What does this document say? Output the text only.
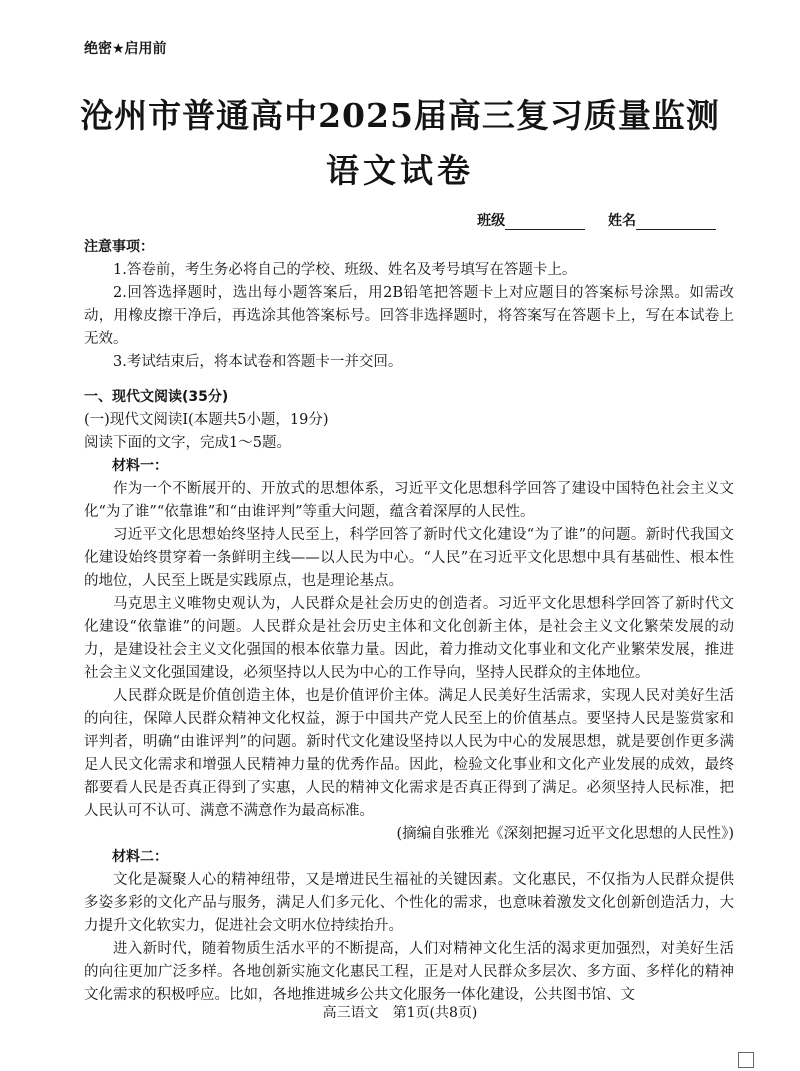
绝密★启用前
沧州市普通高中2025届高三复习质量监测
语文试卷
班级	姓名

注意事项：

1.答卷前，考生务必将自己的学校、班级、姓名及考号填写在答题卡上。

2.回答选择题时，选出每小题答案后，用2B铅笔把答题卡上对应题目的答案标号涂黑。如需改动，用橡皮擦干净后，再选涂其他答案标号。回答非选择题时，将答案写在答题卡上，写在本试卷上无效。

3.考试结束后，将本试卷和答题卡一并交回。

一、现代文阅读(35分)

(一)现代文阅读Ⅰ(本题共5小题，19分)

阅读下面的文字，完成1～5题。

材料一：

作为一个不断展开的、开放式的思想体系，习近平文化思想科学回答了建设中国特色社会主义文化“为了谁”“依靠谁”和“由谁评判”等重大问题，蕴含着深厚的人民性。

习近平文化思想始终坚持人民至上，科学回答了新时代文化建设“为了谁”的问题。新时代我国文化建设始终贯穿着一条鲜明主线——以人民为中心。“人民”在习近平文化思想中具有基础性、根本性的地位，人民至上既是实践原点，也是理论基点。

马克思主义唯物史观认为，人民群众是社会历史的创造者。习近平文化思想科学回答了新时代文化建设“依靠谁”的问题。人民群众是社会历史主体和文化创新主体，是社会主义文化繁荣发展的动力，是建设社会主义文化强国的根本依靠力量。因此，着力推动文化事业和文化产业繁荣发展，推进社会主义文化强国建设，必须坚持以人民为中心的工作导向，坚持人民群众的主体地位。

人民群众既是价值创造主体，也是价值评价主体。满足人民美好生活需求，实现人民对美好生活的向往，保障人民群众精神文化权益，源于中国共产党人民至上的价值基点。要坚持人民是鉴赏家和评判者，明确“由谁评判”的问题。新时代文化建设坚持以人民为中心的发展思想，就是要创作更多满足人民文化需求和增强人民精神力量的优秀作品。因此，检验文化事业和文化产业发展的成效，最终都要看人民是否真正得到了实惠，人民的精神文化需求是否真正得到了满足。必须坚持人民标准，把人民认可不认可、满意不满意作为最高标准。

(摘编自张雅光《深刻把握习近平文化思想的人民性》)

材料二：

文化是凝聚人心的精神纽带，又是增进民生福祉的关键因素。文化惠民，不仅指为人民群众提供多姿多彩的文化产品与服务，满足人们多元化、个性化的需求，也意味着激发文化创新创造活力，大力提升文化软实力，促进社会文明水位持续抬升。

进入新时代，随着物质生活水平的不断提高，人们对精神文化生活的渴求更加强烈，对美好生活的向往更加广泛多样。各地创新实施文化惠民工程，正是对人民群众多层次、多方面、多样化的精神文化需求的积极呼应。比如，各地推进城乡公共文化服务一体化建设，公共图书馆、文

高三语文　第1页(共8页)
